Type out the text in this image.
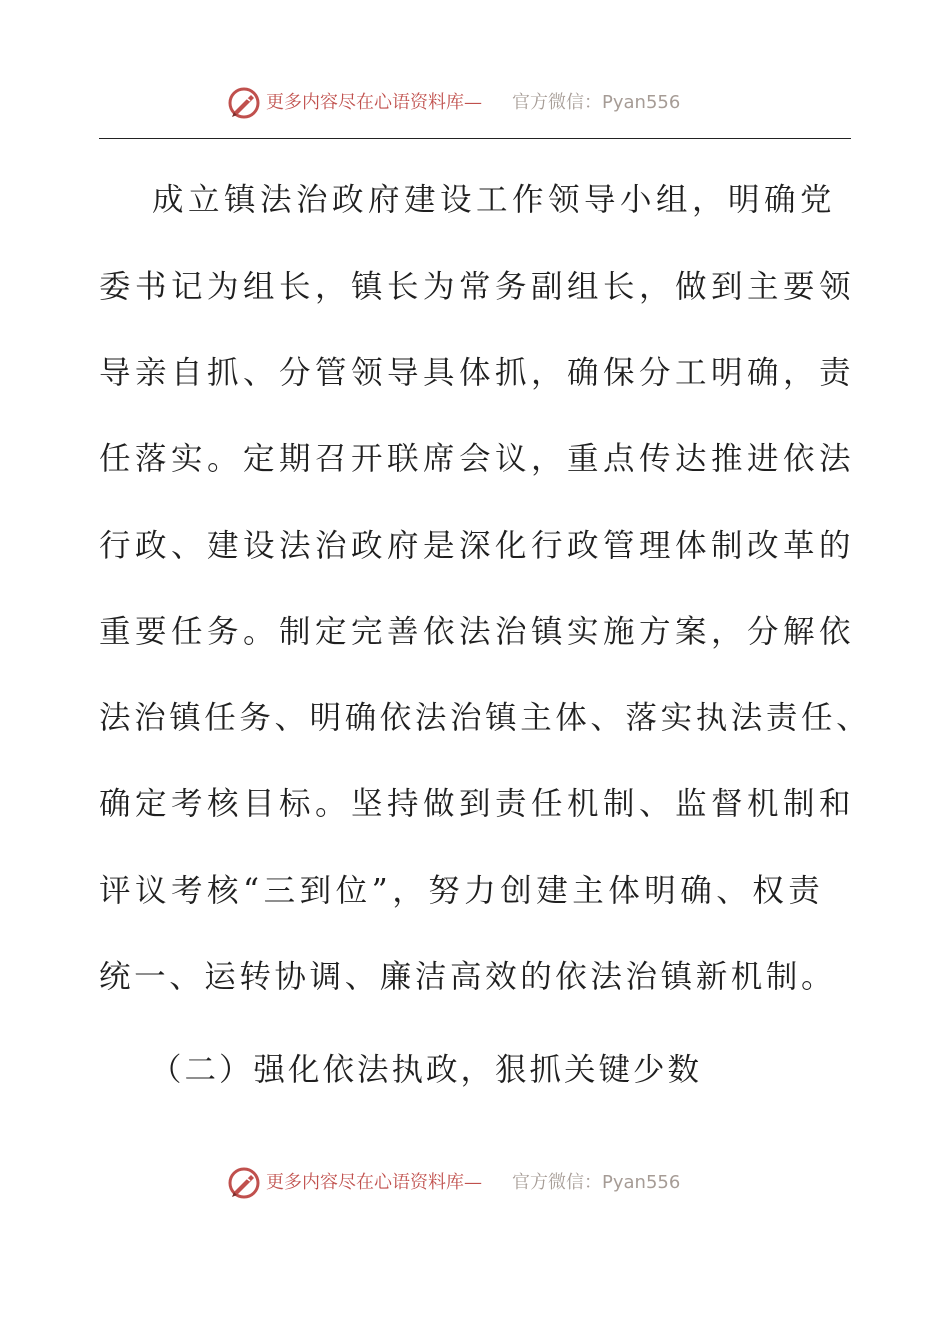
更多内容尽在心语资料库— 官方微信：Pyan556
成立镇法治政府建设工作领导小组，明确党
委书记为组长，镇长为常务副组长，做到主要领
导亲自抓、分管领导具体抓，确保分工明确，责
任落实。定期召开联席会议，重点传达推进依法
行政、建设法治政府是深化行政管理体制改革的
重要任务。制定完善依法治镇实施方案，分解依
法治镇任务、明确依法治镇主体、落实执法责任、
确定考核目标。坚持做到责任机制、监督机制和
评议考核“三到位”，努力创建主体明确、权责
统一、运转协调、廉洁高效的依法治镇新机制。
（二）强化依法执政，狠抓关键少数
更多内容尽在心语资料库— 官方微信：Pyan556
